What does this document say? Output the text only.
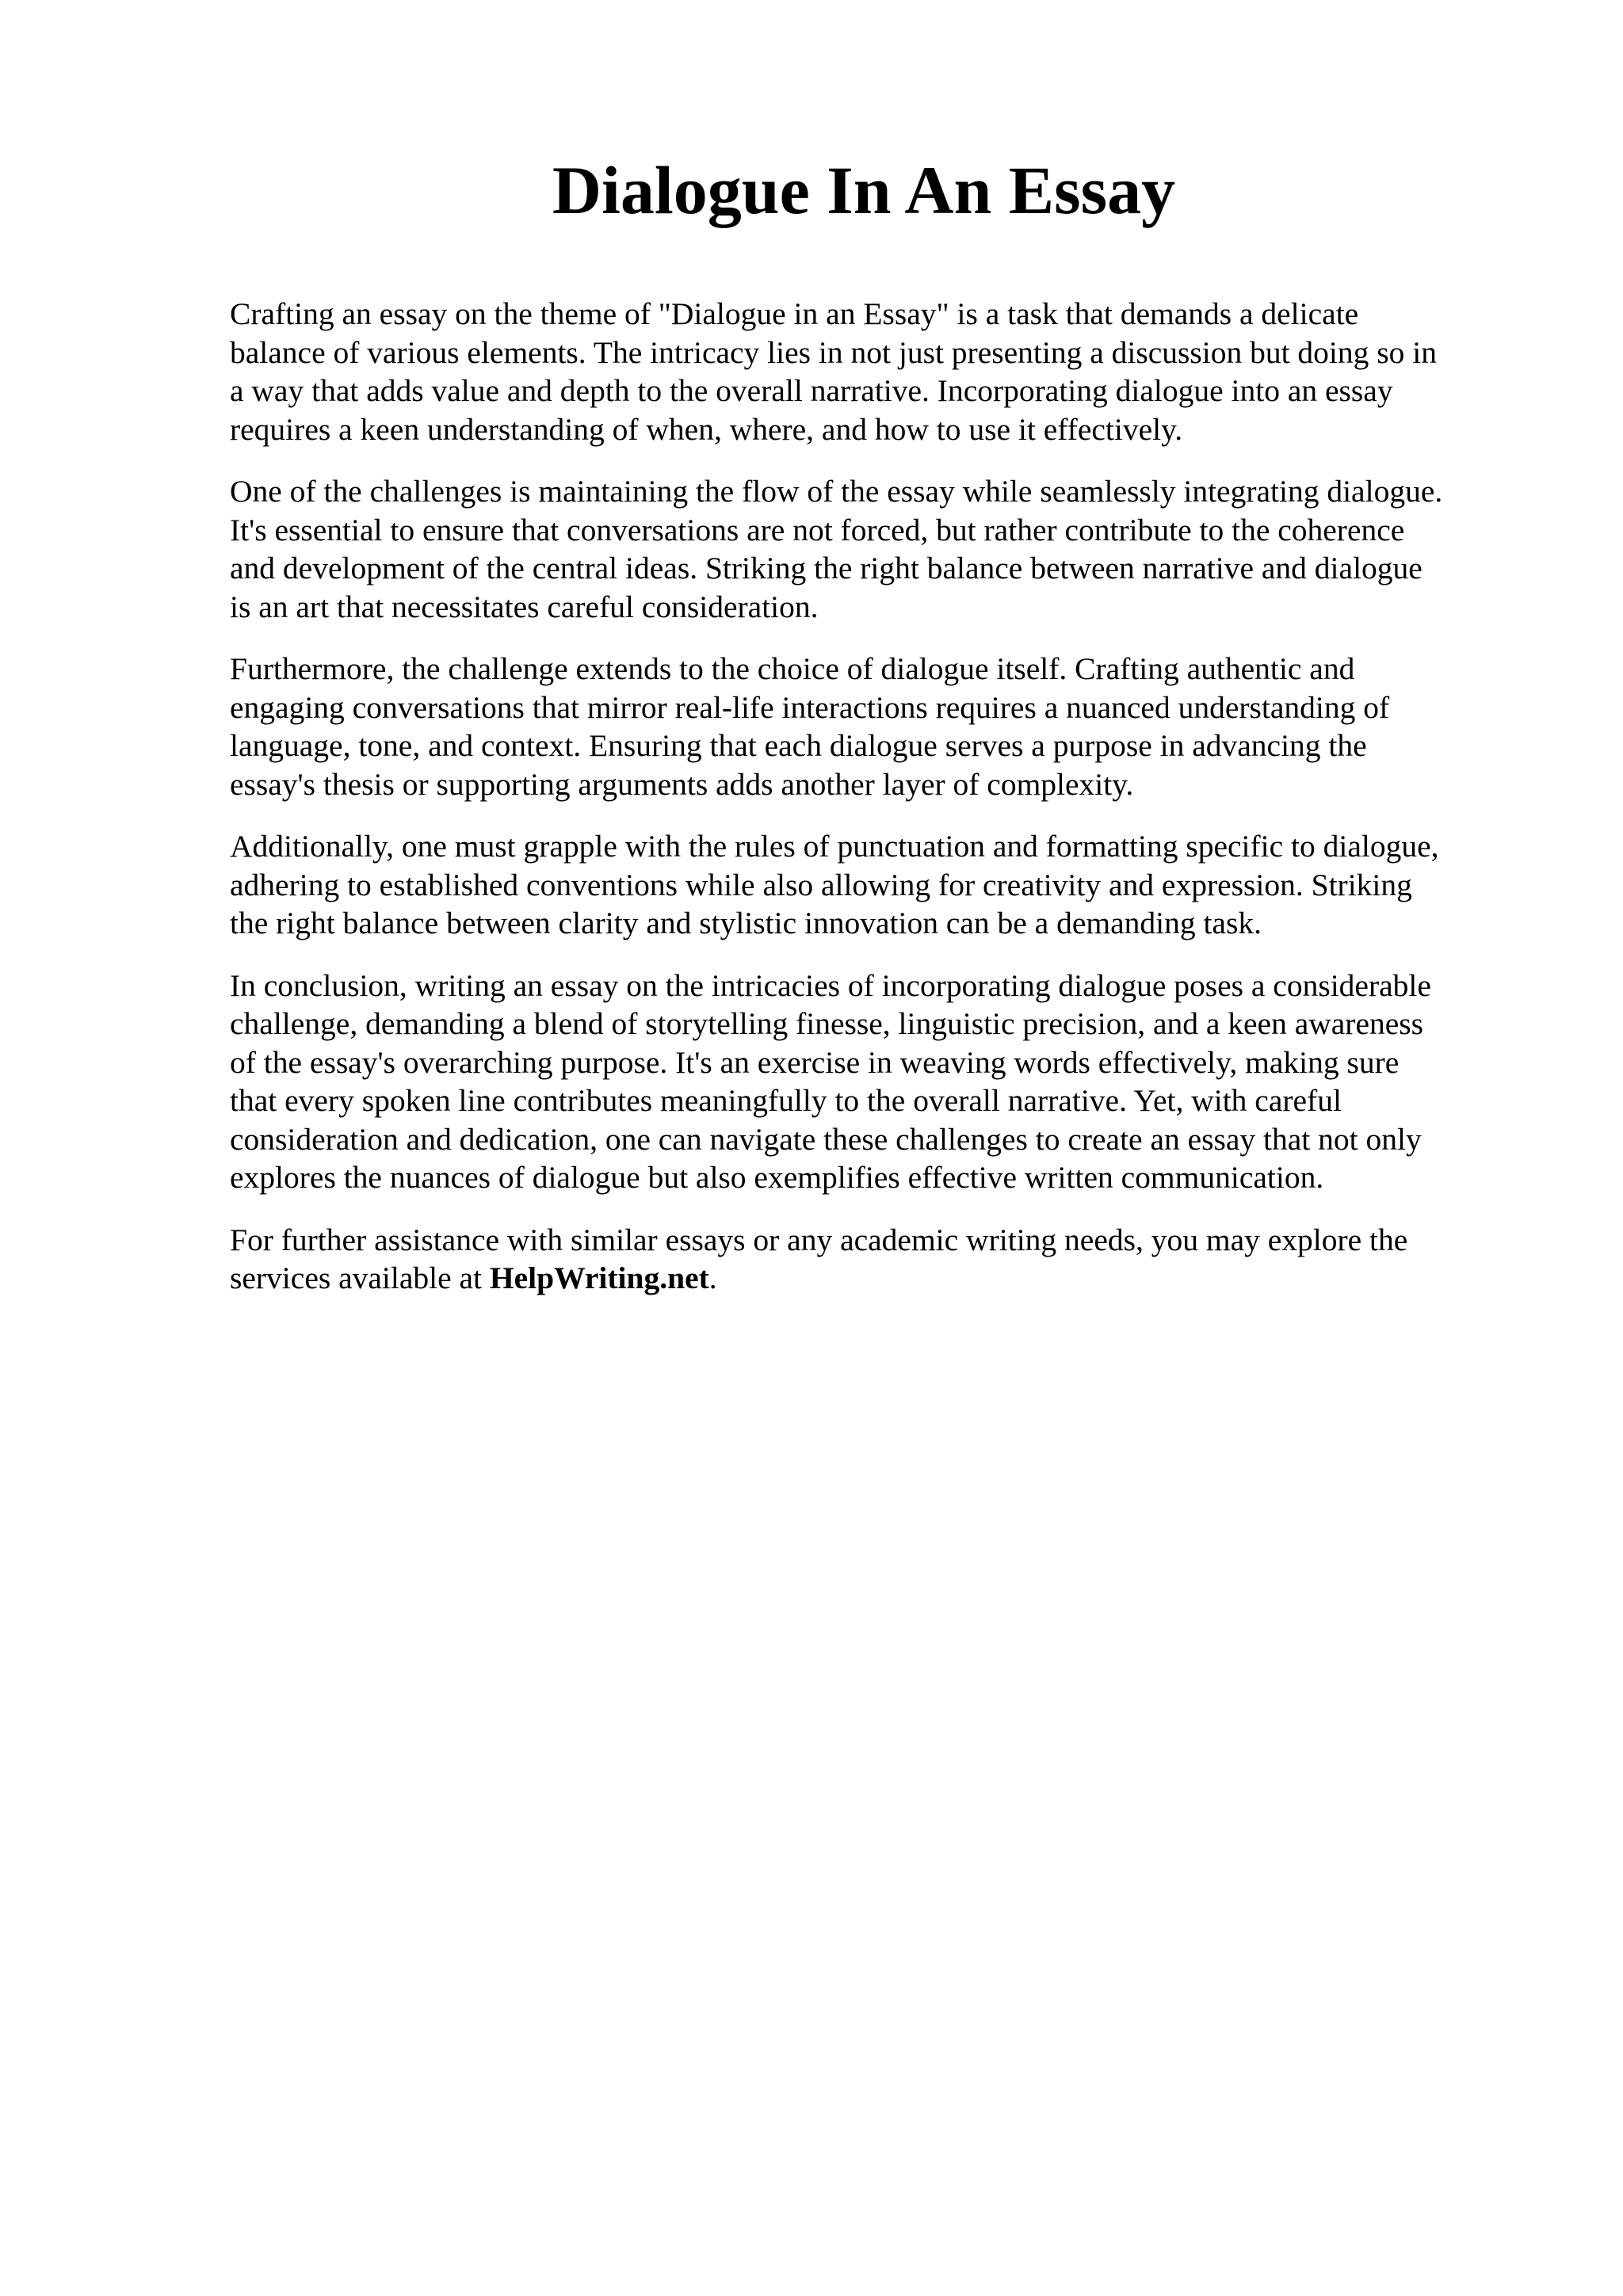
Dialogue In An Essay

Crafting an essay on the theme of "Dialogue in an Essay" is a task that demands a delicate
balance of various elements. The intricacy lies in not just presenting a discussion but doing so in
a way that adds value and depth to the overall narrative. Incorporating dialogue into an essay
requires a keen understanding of when, where, and how to use it effectively.

One of the challenges is maintaining the flow of the essay while seamlessly integrating dialogue.
It's essential to ensure that conversations are not forced, but rather contribute to the coherence
and development of the central ideas. Striking the right balance between narrative and dialogue
is an art that necessitates careful consideration.

Furthermore, the challenge extends to the choice of dialogue itself. Crafting authentic and
engaging conversations that mirror real-life interactions requires a nuanced understanding of
language, tone, and context. Ensuring that each dialogue serves a purpose in advancing the
essay's thesis or supporting arguments adds another layer of complexity.

Additionally, one must grapple with the rules of punctuation and formatting specific to dialogue,
adhering to established conventions while also allowing for creativity and expression. Striking
the right balance between clarity and stylistic innovation can be a demanding task.

In conclusion, writing an essay on the intricacies of incorporating dialogue poses a considerable
challenge, demanding a blend of storytelling finesse, linguistic precision, and a keen awareness
of the essay's overarching purpose. It's an exercise in weaving words effectively, making sure
that every spoken line contributes meaningfully to the overall narrative. Yet, with careful
consideration and dedication, one can navigate these challenges to create an essay that not only
explores the nuances of dialogue but also exemplifies effective written communication.

For further assistance with similar essays or any academic writing needs, you may explore the
services available at HelpWriting.net.
